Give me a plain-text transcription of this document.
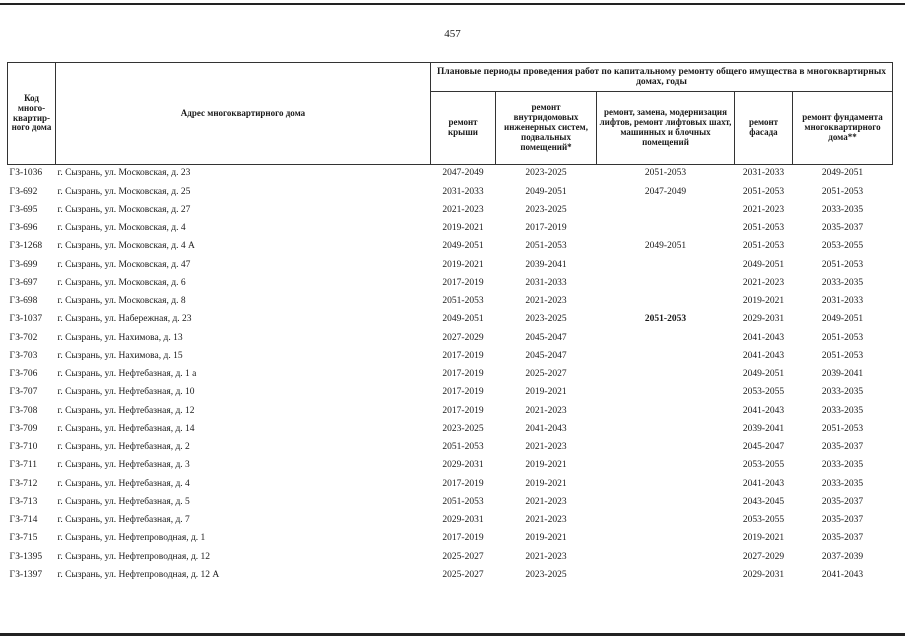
457
Код много-квартир-ного дома	Адрес многоквартирного дома	Плановые периоды проведения работ по капитальному ремонту общего имущества в многоквартирных домах, годы				
		ремонт крыши	ремонт внутридомовых инженерных систем, подвальных помещений*	ремонт, замена, модернизация лифтов, ремонт лифтовых шахт, машинных и блочных помещений	ремонт фасада	ремонт фундамента многоквартирного дома**
ГЗ-1036	г. Сызрань, ул. Московская, д. 23	2047-2049	2023-2025	2051-2053	2031-2033	2049-2051
ГЗ-692	г. Сызрань, ул. Московская, д. 25	2031-2033	2049-2051	2047-2049	2051-2053	2051-2053
ГЗ-695	г. Сызрань, ул. Московская, д. 27	2021-2023	2023-2025		2021-2023	2033-2035
ГЗ-696	г. Сызрань, ул. Московская, д. 4	2019-2021	2017-2019		2051-2053	2035-2037
ГЗ-1268	г. Сызрань, ул. Московская, д. 4 А	2049-2051	2051-2053	2049-2051	2051-2053	2053-2055
ГЗ-699	г. Сызрань, ул. Московская, д. 47	2019-2021	2039-2041		2049-2051	2051-2053
ГЗ-697	г. Сызрань, ул. Московская, д. 6	2017-2019	2031-2033		2021-2023	2033-2035
ГЗ-698	г. Сызрань, ул. Московская, д. 8	2051-2053	2021-2023		2019-2021	2031-2033
ГЗ-1037	г. Сызрань, ул. Набережная, д. 23	2049-2051	2023-2025	2051-2053	2029-2031	2049-2051
ГЗ-702	г. Сызрань, ул. Нахимова, д. 13	2027-2029	2045-2047		2041-2043	2051-2053
ГЗ-703	г. Сызрань, ул. Нахимова, д. 15	2017-2019	2045-2047		2041-2043	2051-2053
ГЗ-706	г. Сызрань, ул. Нефтебазная, д. 1 а	2017-2019	2025-2027		2049-2051	2039-2041
ГЗ-707	г. Сызрань, ул. Нефтебазная, д. 10	2017-2019	2019-2021		2053-2055	2033-2035
ГЗ-708	г. Сызрань, ул. Нефтебазная, д. 12	2017-2019	2021-2023		2041-2043	2033-2035
ГЗ-709	г. Сызрань, ул. Нефтебазная, д. 14	2023-2025	2041-2043		2039-2041	2051-2053
ГЗ-710	г. Сызрань, ул. Нефтебазная, д. 2	2051-2053	2021-2023		2045-2047	2035-2037
ГЗ-711	г. Сызрань, ул. Нефтебазная, д. 3	2029-2031	2019-2021		2053-2055	2033-2035
ГЗ-712	г. Сызрань, ул. Нефтебазная, д. 4	2017-2019	2019-2021		2041-2043	2033-2035
ГЗ-713	г. Сызрань, ул. Нефтебазная, д. 5	2051-2053	2021-2023		2043-2045	2035-2037
ГЗ-714	г. Сызрань, ул. Нефтебазная, д. 7	2029-2031	2021-2023		2053-2055	2035-2037
ГЗ-715	г. Сызрань, ул. Нефтепроводная, д. 1	2017-2019	2019-2021		2019-2021	2035-2037
ГЗ-1395	г. Сызрань, ул. Нефтепроводная, д. 12	2025-2027	2021-2023		2027-2029	2037-2039
ГЗ-1397	г. Сызрань, ул. Нефтепроводная, д. 12 А	2025-2027	2023-2025		2029-2031	2041-2043
